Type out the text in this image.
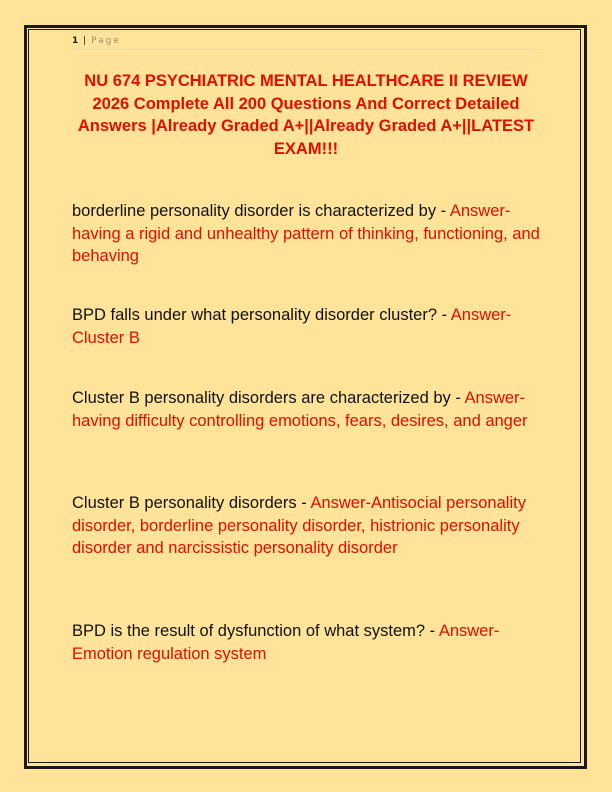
1 | Page
NU 674 PSYCHIATRIC MENTAL HEALTHCARE II REVIEW 2026 Complete All 200 Questions And Correct Detailed Answers |Already Graded A+||Already Graded A+||LATEST EXAM!!!
borderline personality disorder is characterized by - Answer-having a rigid and unhealthy pattern of thinking, functioning, and behaving
BPD falls under what personality disorder cluster? - Answer-Cluster B
Cluster B personality disorders are characterized by - Answer-having difficulty controlling emotions, fears, desires, and anger
Cluster B personality disorders - Answer-Antisocial personality disorder, borderline personality disorder, histrionic personality disorder and narcissistic personality disorder
BPD is the result of dysfunction of what system? - Answer-Emotion regulation system
